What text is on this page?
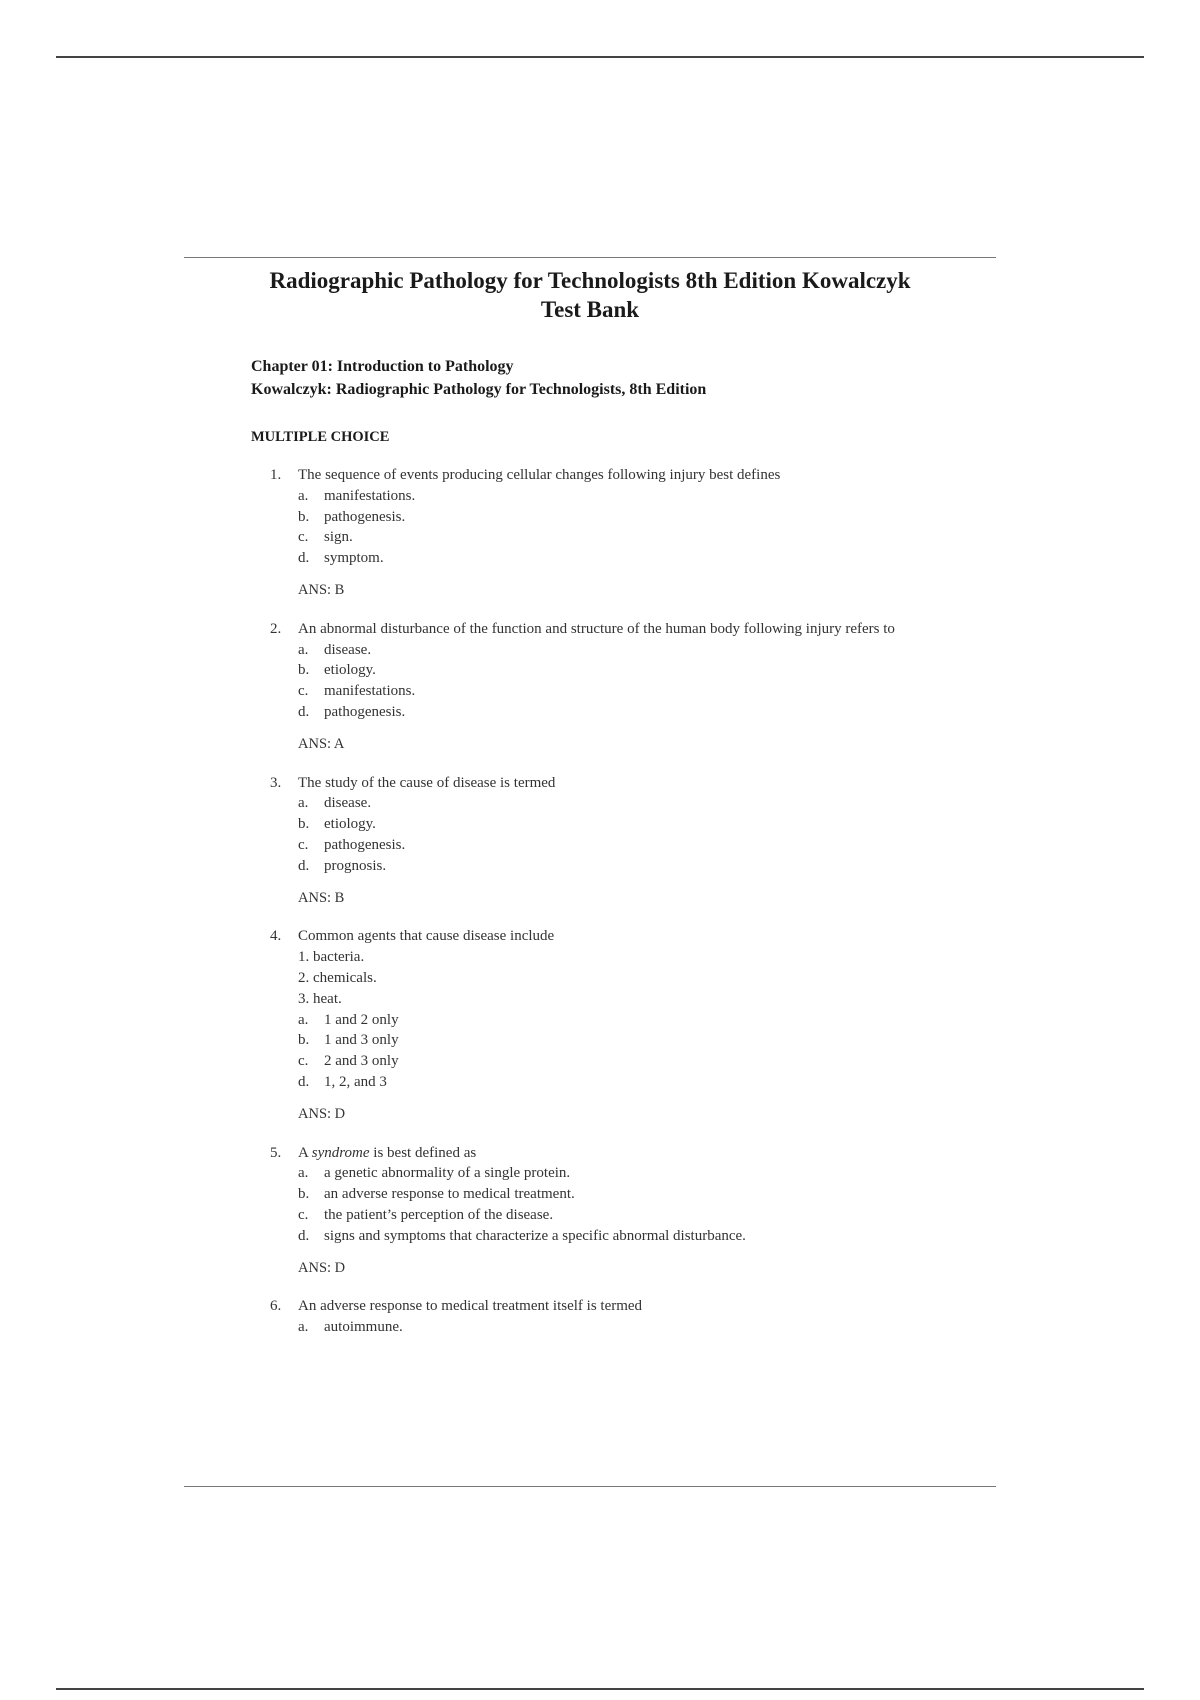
Radiographic Pathology for Technologists 8th Edition Kowalczyk
Test Bank
Chapter 01: Introduction to Pathology
Kowalczyk: Radiographic Pathology for Technologists, 8th Edition
MULTIPLE CHOICE
1. The sequence of events producing cellular changes following injury best defines
a. manifestations.
b. pathogenesis.
c. sign.
d. symptom.
ANS: B
2. An abnormal disturbance of the function and structure of the human body following injury refers to
a. disease.
b. etiology.
c. manifestations.
d. pathogenesis.
ANS: A
3. The study of the cause of disease is termed
a. disease.
b. etiology.
c. pathogenesis.
d. prognosis.
ANS: B
4. Common agents that cause disease include
1. bacteria.
2. chemicals.
3. heat.
a. 1 and 2 only
b. 1 and 3 only
c. 2 and 3 only
d. 1, 2, and 3
ANS: D
5. A syndrome is best defined as
a. a genetic abnormality of a single protein.
b. an adverse response to medical treatment.
c. the patient’s perception of the disease.
d. signs and symptoms that characterize a specific abnormal disturbance.
ANS: D
6. An adverse response to medical treatment itself is termed
a. autoimmune.
